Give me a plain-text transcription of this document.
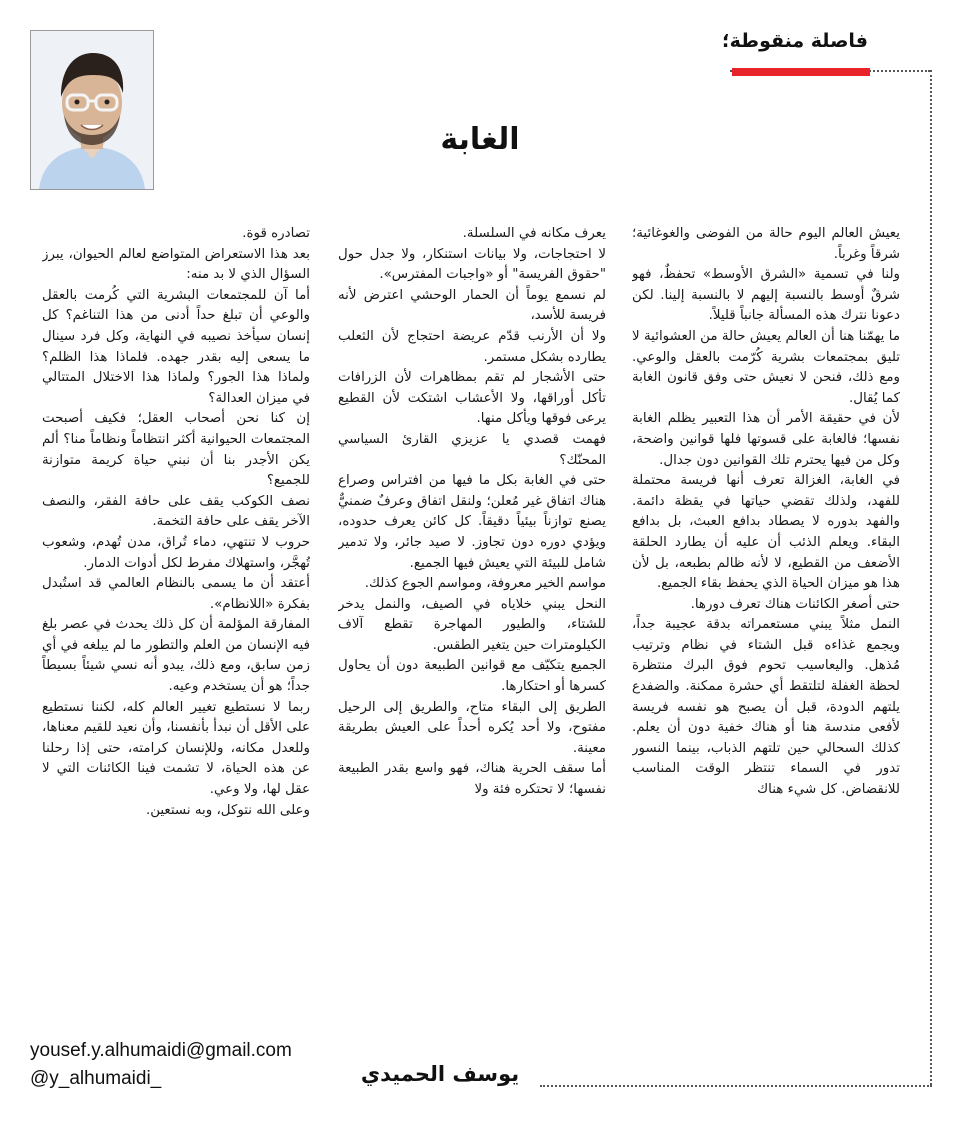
فاصلة منقوطة؛
الغابة

يعيش العالم اليوم حالة من الفوضى والغوغائية؛ شرقاً وغرباً.

ولنا في تسمية «الشرق الأوسط» تحفظٌ، فهو شرقٌ أوسط بالنسبة إليهم لا بالنسبة إلينا. لكن دعونا نترك هذه المسألة جانباً قليلاً.

ما يهمّنا هنا أن العالم يعيش حالة من العشوائية لا تليق بمجتمعات بشرية كُرّمت بالعقل والوعي. ومع ذلك، فنحن لا نعيش حتى وفق قانون الغابة كما يُقال.

لأن في حقيقة الأمر أن هذا التعبير يظلم الغابة نفسها؛ فالغابة على قسوتها فلها قوانين واضحة، وكل من فيها يحترم تلك القوانين دون جدال.

في الغابة، الغزالة تعرف أنها فريسة محتملة للفهد، ولذلك تقضي حياتها في يقظة دائمة. والفهد بدوره لا يصطاد بدافع العبث، بل بدافع البقاء. ويعلم الذئب أن عليه أن يطارد الحلقة الأضعف من القطيع، لا لأنه ظالم بطبعه، بل لأن هذا هو ميزان الحياة الذي يحفظ بقاء الجميع.

حتى أصغر الكائنات هناك تعرف دورها.

النمل مثلاً يبني مستعمراته بدقة عجيبة جداً، ويجمع غذاءه قبل الشتاء في نظام وترتيب مُذهل. واليعاسيب تحوم فوق البرك منتظرة لحظة الغفلة لتلتقط أي حشرة ممكنة. والضفدع يلتهم الدودة، قبل أن يصبح هو نفسه فريسة لأفعى مندسة هنا أو هناك خفية دون أن يعلم. كذلك السحالي حين تلتهم الذباب، بينما النسور تدور في السماء تنتظر الوقت المناسب للانقضاض. كل شيء هناك

يعرف مكانه في السلسلة.

لا احتجاجات، ولا بيانات استنكار، ولا جدل حول "حقوق الفريسة" أو «واجبات المفترس».

لم نسمع يوماً أن الحمار الوحشي اعترض لأنه فريسة للأسد،

ولا أن الأرنب قدّم عريضة احتجاج لأن الثعلب يطارده بشكل مستمر.

حتى الأشجار لم تقم بمظاهرات لأن الزرافات تأكل أوراقها، ولا الأعشاب اشتكت لأن القطيع يرعى فوقها ويأكل منها.

فهمت قصدي يا عزيزي القارئ السياسي المحنّك؟

حتى في الغابة بكل ما فيها من افتراس وصراع هناك اتفاق غير مُعلن؛ ولنقل اتفاق وعرفٌ ضمنيٌّ يصنع توازناً بيئياً دقيقاً. كل كائن يعرف حدوده، ويؤدي دوره دون تجاوز. لا صيد جائر، ولا تدمير شامل للبيئة التي يعيش فيها الجميع.

مواسم الخير معروفة، ومواسم الجوع كذلك.

النحل يبني خلاياه في الصيف، والنمل يدخر للشتاء، والطيور المهاجرة تقطع آلاف الكيلومترات حين يتغير الطقس.

الجميع يتكيّف مع قوانين الطبيعة دون أن يحاول كسرها أو احتكارها.

الطريق إلى البقاء متاح، والطريق إلى الرحيل مفتوح، ولا أحد يُكره أحداً على العيش بطريقة معينة.

أما سقف الحرية هناك، فهو واسع بقدر الطبيعة نفسها؛ لا تحتكره فئة ولا

تصادره قوة.

بعد هذا الاستعراض المتواضع لعالم الحيوان، يبرز السؤال الذي لا بد منه:

أما آن للمجتمعات البشرية التي كُرمت بالعقل والوعي أن تبلغ حداً أدنى من هذا التناغم؟ كل إنسان سيأخذ نصيبه في النهاية، وكل فرد سينال ما يسعى إليه بقدر جهده. فلماذا هذا الظلم؟ ولماذا هذا الجور؟ ولماذا هذا الاختلال المتتالي في ميزان العدالة؟

إن كنا نحن أصحاب العقل؛ فكيف أصبحت المجتمعات الحيوانية أكثر انتظاماً ونظاماً منا؟ ألم يكن الأجدر بنا أن نبني حياة كريمة متوازنة للجميع؟

نصف الكوكب يقف على حافة الفقر، والنصف الآخر يقف على حافة التخمة.

حروب لا تنتهي، دماء تُراق، مدن تُهدم، وشعوب تُهجَّر، واستهلاك مفرط لكل أدوات الدمار.

أعتقد أن ما يسمى بالنظام العالمي قد استُبدل بفكرة «اللانظام».

المفارقة المؤلمة أن كل ذلك يحدث في عصر بلغ فيه الإنسان من العلم والتطور ما لم يبلغه في أي زمن سابق، ومع ذلك، يبدو أنه نسي شيئاً بسيطاً جداً؛ هو أن يستخدم وعيه.

ربما لا نستطيع تغيير العالم كله، لكننا نستطيع على الأقل أن نبدأ بأنفسنا، وأن نعيد للقيم معناها، وللعدل مكانه، وللإنسان كرامته، حتى إذا رحلنا عن هذه الحياة، لا تشمت فينا الكائنات التي لا عقل لها، ولا وعي.

وعلى الله نتوكل، وبه نستعين.

yousef.y.alhumaidi@gmail.com
@y_alhumaidi_	يوسف الحميدي
